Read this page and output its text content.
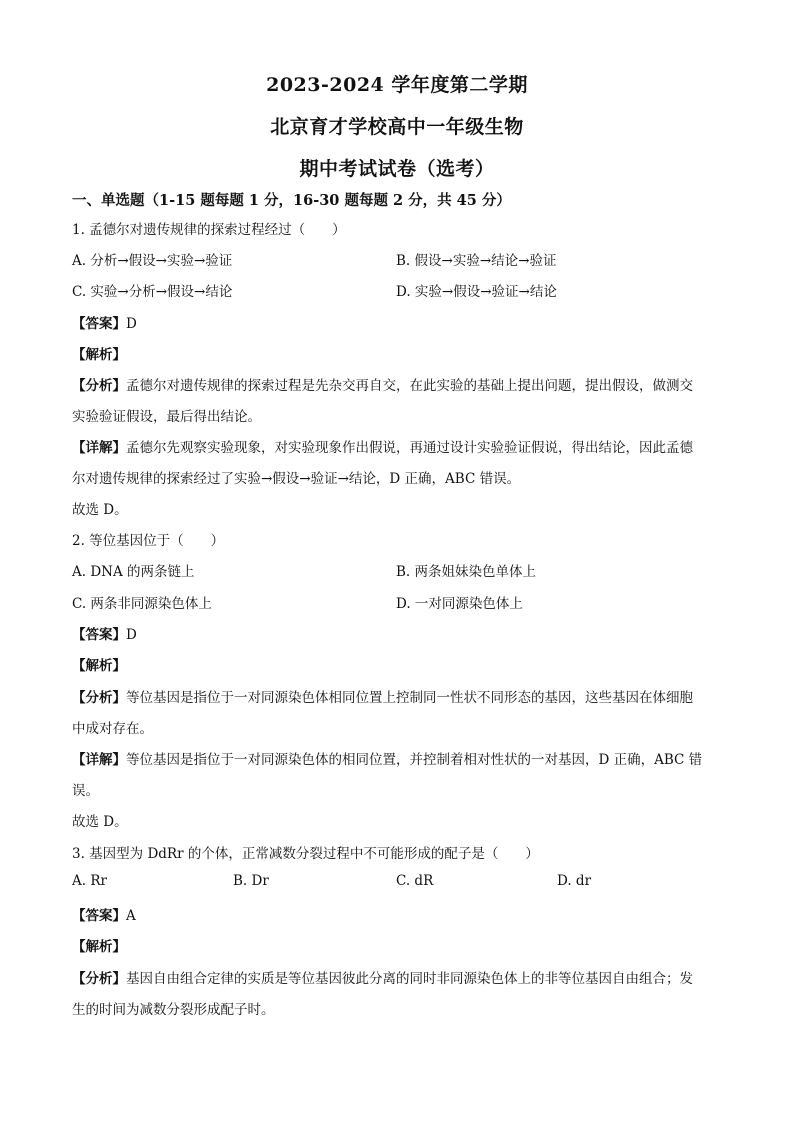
2023-2024 学年度第二学期
北京育才学校高中一年级生物
期中考试试卷（选考）
一、单选题（1-15 题每题 1 分，16-30 题每题 2 分，共 45 分）
1. 孟德尔对遗传规律的探索过程经过（　　）
A. 分析→假设→实验→验证	B. 假设→实验→结论→验证
C. 实验→分析→假设→结论	D. 实验→假设→验证→结论
【答案】D
【解析】
【分析】孟德尔对遗传规律的探索过程是先杂交再自交，在此实验的基础上提出问题，提出假设，做测交
实验验证假设，最后得出结论。
【详解】孟德尔先观察实验现象，对实验现象作出假说，再通过设计实验验证假说，得出结论，因此孟德
尔对遗传规律的探索经过了实验→假设→验证→结论，D 正确，ABC 错误。
故选 D。
2. 等位基因位于（　　）
A. DNA 的两条链上	B. 两条姐妹染色单体上
C. 两条非同源染色体上	D. 一对同源染色体上
【答案】D
【解析】
【分析】等位基因是指位于一对同源染色体相同位置上控制同一性状不同形态的基因，这些基因在体细胞
中成对存在。
【详解】等位基因是指位于一对同源染色体的相同位置，并控制着相对性状的一对基因，D 正确，ABC 错
误。
故选 D。
3. 基因型为 DdRr 的个体，正常减数分裂过程中不可能形成的配子是（　　）
A. Rr	B. Dr	C. dR	D. dr
【答案】A
【解析】
【分析】基因自由组合定律的实质是等位基因彼此分离的同时非同源染色体上的非等位基因自由组合；发
生的时间为减数分裂形成配子时。
